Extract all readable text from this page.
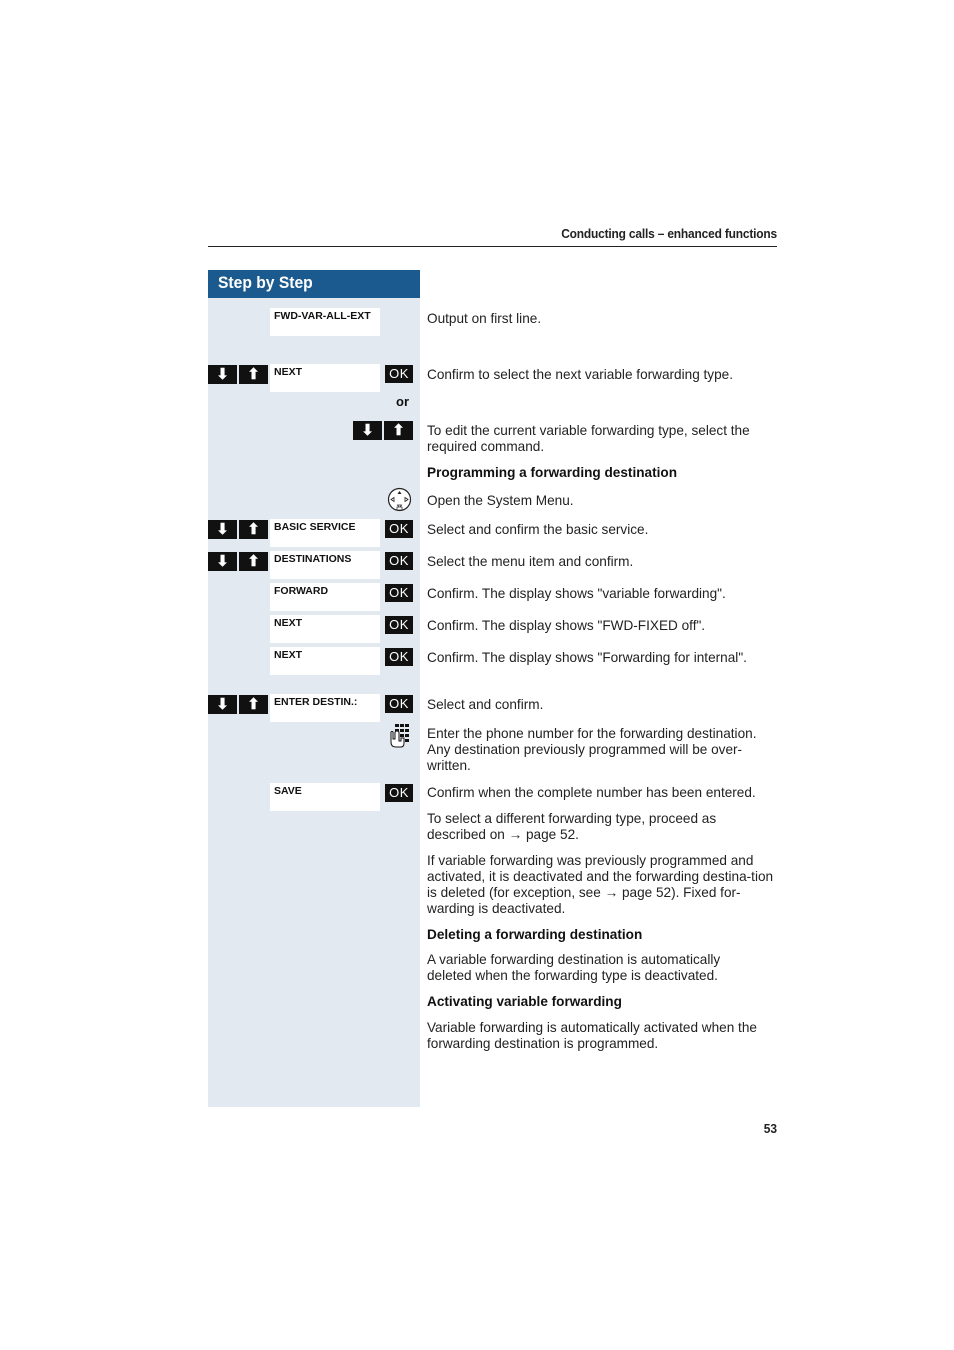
Conducting calls – enhanced functions
Step by Step
FWD-VAR-ALL-EXT	Output on first line.
⬇	⬆	NEXT	OK	Confirm to select the next variable forwarding type.
or
⬇	⬆	To edit the current variable forwarding type, select the required command.
Programming a forwarding destination
Open the System Menu.
⬇	⬆	BASIC SERVICE	OK	Select and confirm the basic service.
⬇	⬆	DESTINATIONS	OK	Select the menu item and confirm.
FORWARD	OK	Confirm. The display shows "variable forwarding".
NEXT	OK	Confirm. The display shows "FWD-FIXED off".
NEXT	OK	Confirm. The display shows "Forwarding for internal".
⬇	⬆	ENTER DESTIN.:	OK	Select and confirm.
Enter the phone number for the forwarding destination. Any destination previously programmed will be over-written.
SAVE	OK	Confirm when the complete number has been entered.
To select a different forwarding type, proceed as described on → page 52.
If variable forwarding was previously programmed and activated, it is deactivated and the forwarding destina-tion is deleted (for exception, see → page 52). Fixed for-warding is deactivated.
Deleting a forwarding destination
A variable forwarding destination is automatically deleted when the forwarding type is deactivated.
Activating variable forwarding
Variable forwarding is automatically activated when the forwarding destination is programmed.
53
